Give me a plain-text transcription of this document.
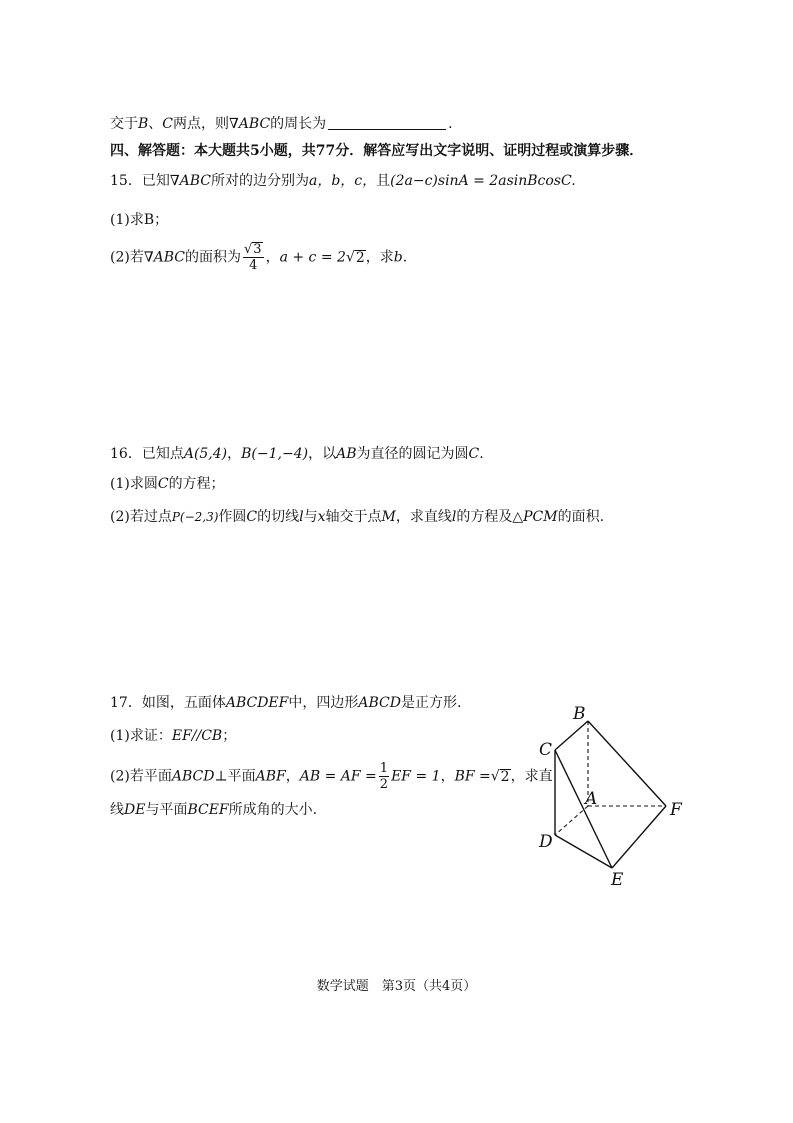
交于B、C两点，则∇ABC的周长为	.
四、解答题：本大题共5小题，共77分．解答应写出文字说明、证明过程或演算步骤．
15．已知∇ABC所对的边分别为a，b，c，且(2a−c)sinA = 2asinBcosC.
(1)求B；
(2)若∇ABC的面积为 $\frac{√3}{4}$ ，a + c = 2√2，求b.
16．已知点A(5,4)，B(−1,−4)，以AB为直径的圆记为圆C.
(1)求圆C的方程；
(2)若过点P(−2,3)作圆C的切线l与x轴交于点M，求直线l的方程及△PCM的面积.
17．如图，五面体ABCDEF中，四边形ABCD是正方形.
(1)求证：EF//CB；
(2)若平面ABCD⊥平面ABF，AB = AF = $\frac{1}{2}$ EF = 1，BF =√2，求直
线DE与平面BCEF所成角的大小.
B
C
A
F
D
E
数学试题　第3页（共4页）
